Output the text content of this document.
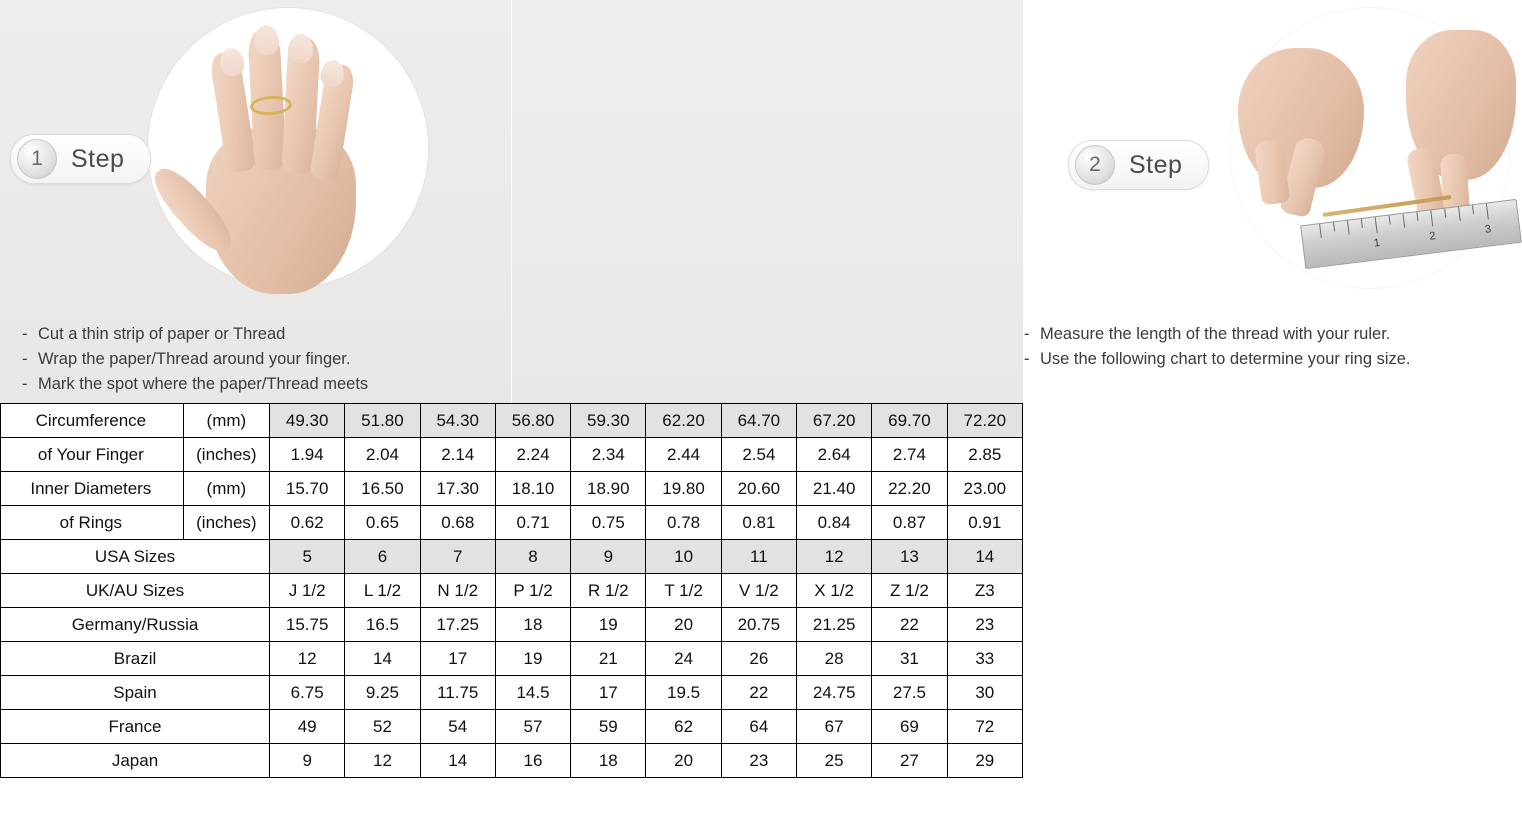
1	Step
- Cut a thin strip of paper or Thread
- Wrap the paper/Thread around your finger.
- Mark the spot where the paper/Thread meets
1
2
3
2	Step
- Measure the length of the thread with your ruler.
- Use the following chart to determine your ring size.
Circumference	(mm)	49.30	51.80	54.30	56.80	59.30	62.20	64.70	67.20	69.70	72.20
of Your Finger	(inches)	1.94	2.04	2.14	2.24	2.34	2.44	2.54	2.64	2.74	2.85
Inner Diameters	(mm)	15.70	16.50	17.30	18.10	18.90	19.80	20.60	21.40	22.20	23.00
of Rings	(inches)	0.62	0.65	0.68	0.71	0.75	0.78	0.81	0.84	0.87	0.91
USA Sizes		5	6	7	8	9	10	11	12	13	14
UK/AU Sizes		J 1/2	L 1/2	N 1/2	P 1/2	R 1/2	T 1/2	V 1/2	X 1/2	Z 1/2	Z3
Germany/Russia		15.75	16.5	17.25	18	19	20	20.75	21.25	22	23
Brazil		12	14	17	19	21	24	26	28	31	33
Spain		6.75	9.25	11.75	14.5	17	19.5	22	24.75	27.5	30
France		49	52	54	57	59	62	64	67	69	72
Japan		9	12	14	16	18	20	23	25	27	29
